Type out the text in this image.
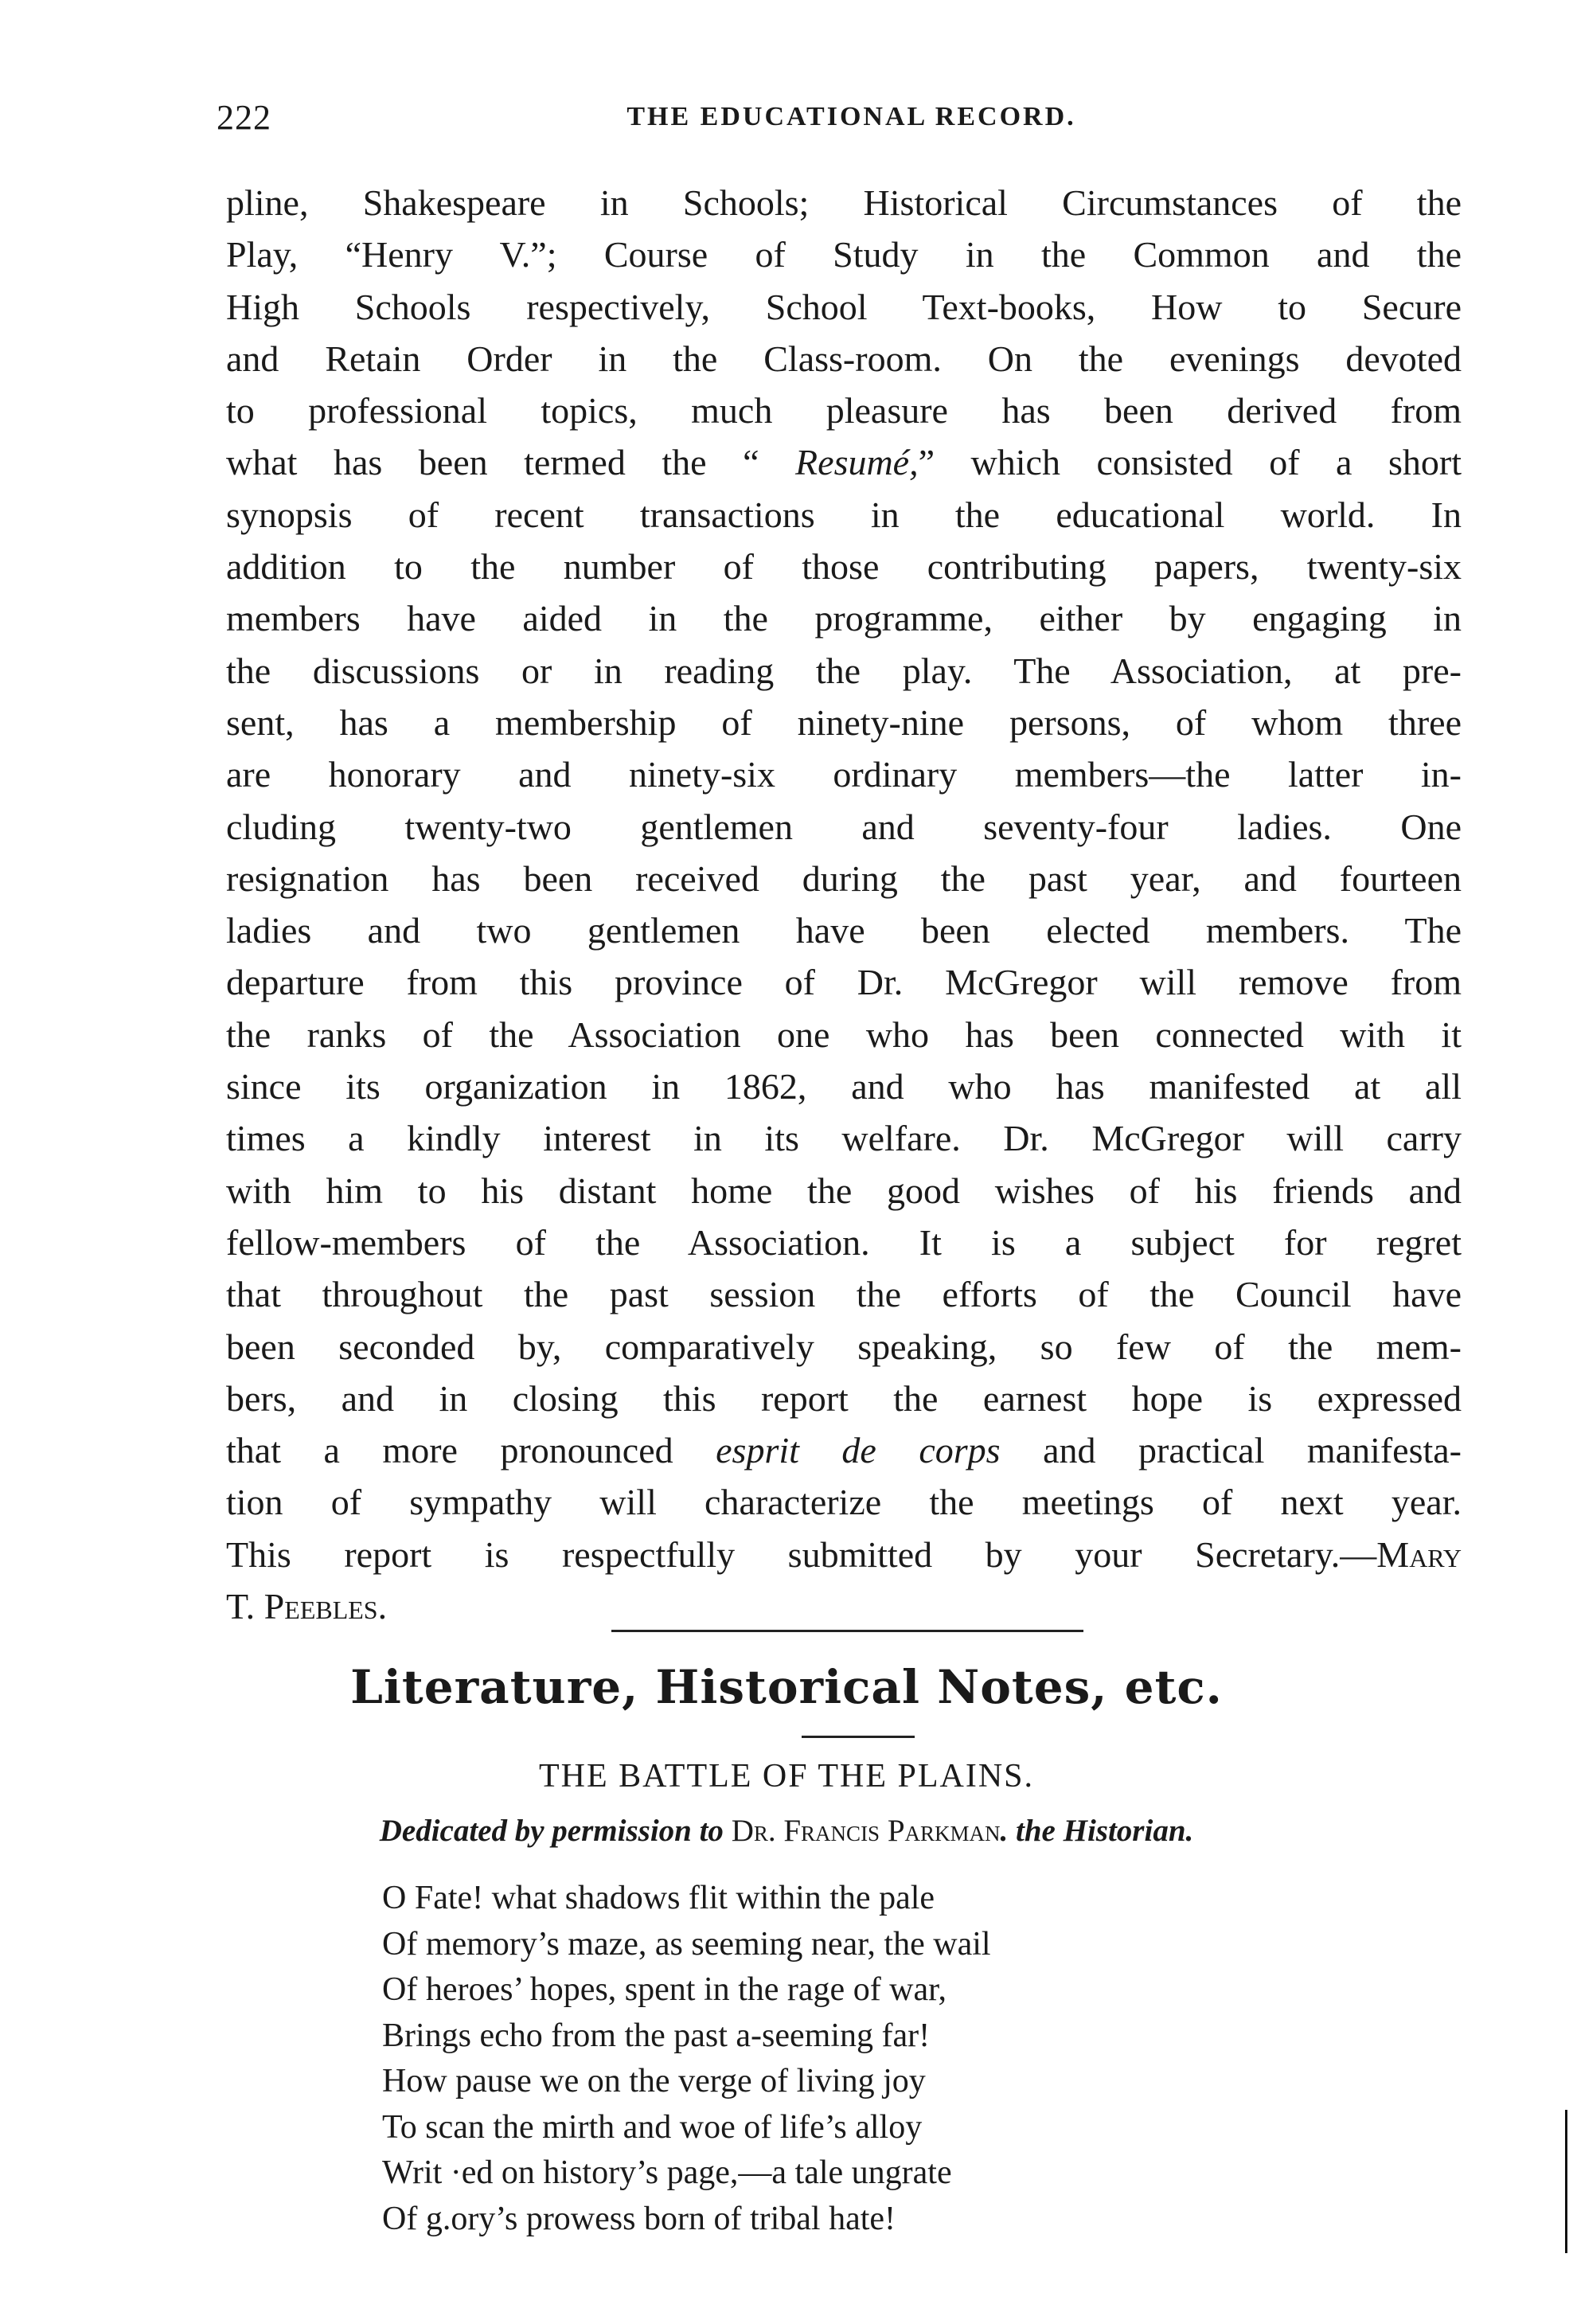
222	THE EDUCATIONAL RECORD.
pline, Shakespeare in Schools; Historical Circumstances of the
Play, “Henry V.”; Course of Study in the Common and the
High Schools respectively, School Text-books, How to Secure
and Retain Order in the Class-room. On the evenings devoted
to professional topics, much pleasure has been derived from
what has been termed the “ Resumé,” which consisted of a short
synopsis of recent transactions in the educational world. In
addition to the number of those contributing papers, twenty-six
members have aided in the programme, either by engaging in
the discussions or in reading the play. The Association, at pre-
sent, has a membership of ninety-nine persons, of whom three
are honorary and ninety-six ordinary members—the latter in-
cluding twenty-two gentlemen and seventy-four ladies. One
resignation has been received during the past year, and fourteen
ladies and two gentlemen have been elected members. The
departure from this province of Dr. McGregor will remove from
the ranks of the Association one who has been connected with it
since its organization in 1862, and who has manifested at all
times a kindly interest in its welfare. Dr. McGregor will carry
with him to his distant home the good wishes of his friends and
fellow-members of the Association. It is a subject for regret
that throughout the past session the efforts of the Council have
been seconded by, comparatively speaking, so few of the mem-
bers, and in closing this report the earnest hope is expressed
that a more pronounced esprit de corps and practical manifesta-
tion of sympathy will characterize the meetings of next year.
This report is respectfully submitted by your Secretary.—Mary
T. Peebles.
Literature, Historical Notes, etc.
THE BATTLE OF THE PLAINS.
Dedicated by permission to Dr. Francis Parkman. the Historian.
O Fate! what shadows flit within the pale
Of memory’s maze, as seeming near, the wail
Of heroes’ hopes, spent in the rage of war,
Brings echo from the past a-seeming far!
How pause we on the verge of living joy
To scan the mirth and woe of life’s alloy
Writ ·ed on history’s page,—a tale ungrate
Of g.ory’s prowess born of tribal hate!
